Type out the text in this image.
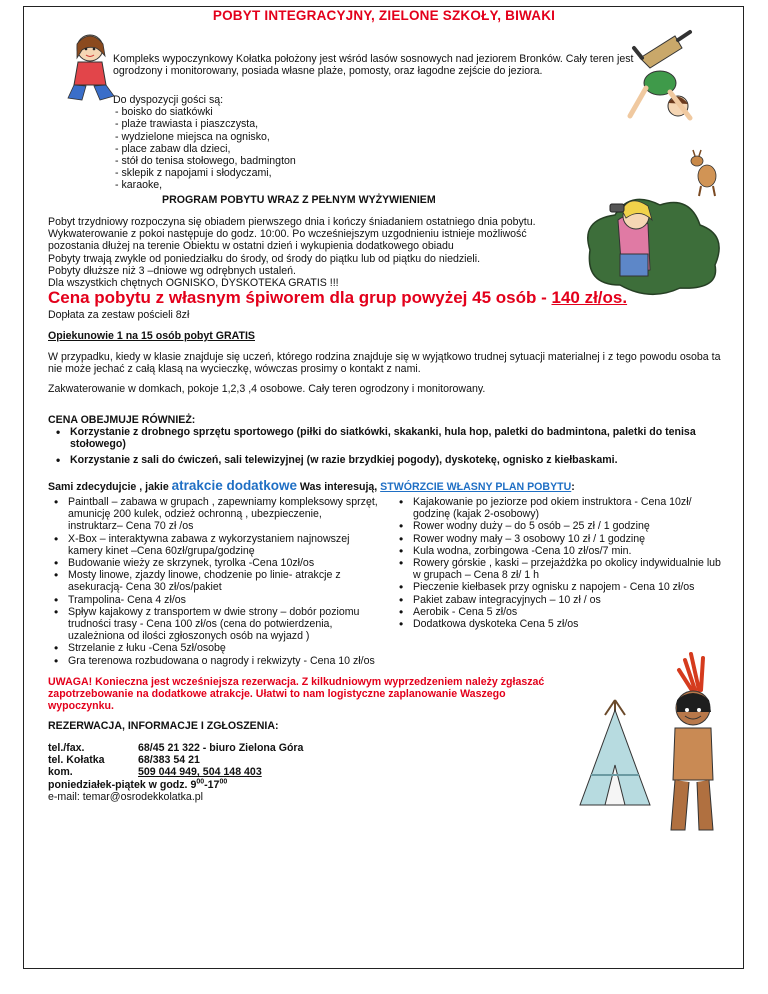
POBYT INTEGRACYJNY, ZIELONE SZKOŁY, BIWAKI
Kompleks wypoczynkowy Kołatka położony jest wśród lasów sosnowych nad jeziorem Bronków. Cały teren jest
ogrodzony i monitorowany, posiada własne plaże, pomosty, oraz łagodne zejście do jeziora.
Do dyspozycji gości są:
- boisko do siatkówki
- plaże trawiasta i piaszczysta,
- wydzielone miejsca na ognisko,
- place zabaw dla dzieci,
- stół do tenisa stołowego, badmington
- sklepik z napojami i słodyczami,
- karaoke,
PROGRAM POBYTU WRAZ Z PEŁNYM WYŻYWIENIEM
Pobyt trzydniowy rozpoczyna się obiadem pierwszego dnia i kończy śniadaniem ostatniego dnia pobytu.
Wykwaterowanie z pokoi następuje do godz. 10:00. Po wcześniejszym uzgodnieniu istnieje możliwość
pozostania dłużej na terenie Obiektu w ostatni dzień i wykupienia dodatkowego obiadu
Pobyty trwają zwykle od poniedziałku do środy, od środy do piątku lub od piątku do niedzieli.
Pobyty dłuższe niż 3 –dniowe wg odrębnych ustaleń.
Dla wszystkich chętnych OGNISKO, DYSKOTEKA GRATIS !!!
Cena pobytu z własnym śpiworem dla grup powyżej 45 osób - 140 zł/os.
Dopłata za zestaw pościeli 8zł
Opiekunowie 1 na 15 osób pobyt GRATIS
W przypadku, kiedy w klasie znajduje się uczeń, którego rodzina znajduje się w wyjątkowo trudnej sytuacji materialnej i z tego powodu osoba ta
nie może jechać z całą klasą na wycieczkę, wówczas prosimy o kontakt z nami.
Zakwaterowanie w domkach, pokoje 1,2,3 ,4 osobowe. Cały teren ogrodzony i monitorowany.
CENA OBEJMUJE RÓWNIEŻ:
• Korzystanie z drobnego sprzętu sportowego (piłki do siatkówki, skakanki, hula hop, paletki do badmintona, paletki do tenisa
stołowego)
• Korzystanie z sali do ćwiczeń, sali telewizyjnej (w razie brzydkiej pogody), dyskotekę, ognisko z kiełbaskami.
Sami zdecydujcie , jakie atrakcie dodatkowe Was interesują, STWÓRZCIE WŁASNY PLAN POBYTU:
• Paintball – zabawa w grupach , zapewniamy kompleksowy sprzęt,
amunicję 200 kulek, odzież ochronną , ubezpieczenie,
instruktarz– Cena 70 zł /os
• X-Box – interaktywna zabawa z wykorzystaniem najnowszej
kamery kinet –Cena 60zł/grupa/godzinę
• Budowanie wieży ze skrzynek, tyrolka -Cena 10zł/os
• Mosty linowe, zjazdy linowe, chodzenie po linie- atrakcje z
asekuracją- Cena 30 zł/os/pakiet
• Trampolina- Cena 4 zł/os
• Spływ kajakowy z transportem w dwie strony – dobór poziomu
trudności trasy - Cena 100 zł/os (cena do potwierdzenia,
uzależniona od ilości zgłoszonych osób na wyjazd )
• Strzelanie z łuku -Cena 5zł/osobę
• Gra terenowa rozbudowana o nagrody i rekwizyty - Cena 10 zł/os
• Kajakowanie po jeziorze pod okiem instruktora - Cena 10zł/
godzinę (kajak 2-osobowy)
• Rower wodny duży – do 5 osób – 25 zł / 1 godzinę
• Rower wodny mały – 3 osobowy 10 zł / 1 godzinę
• Kula wodna, zorbingowa -Cena 10 zł/os/7 min.
• Rowery górskie , kaski – przejażdżka po okolicy indywidualnie lub
w grupach – Cena 8 zł/ 1 h
• Pieczenie kiełbasek przy ognisku z napojem - Cena 10 zł/os
• Pakiet zabaw integracyjnych – 10 zł / os
• Aerobik - Cena 5 zł/os
• Dodatkowa dyskoteka Cena 5 zł/os
UWAGA! Konieczna jest wcześniejsza rezerwacja. Z kilkudniowym wyprzedzeniem należy zgłaszać
zapotrzebowanie na dodatkowe atrakcje. Ułatwi to nam logistyczne zaplanowanie Waszego
wypoczynku.
REZERWACJA, INFORMACJE I ZGŁOSZENIA:
tel./fax.	68/45 21 322 - biuro Zielona Góra
tel. Kołatka	68/383 54 21
kom.	509 044 949, 504 148 403
poniedziałek-piątek w godz. $9^{00}-17^{00}$
e-mail: temar@osrodekkolatka.pl
